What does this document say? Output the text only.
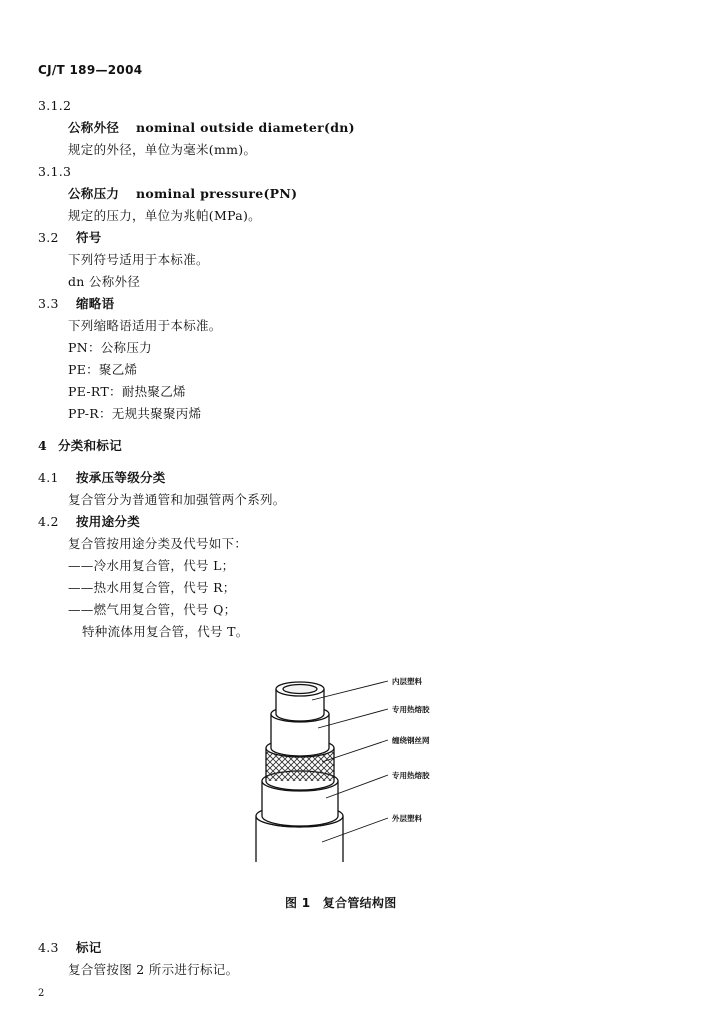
CJ/T 189—2004
3.1.2
公称外径 nominal outside diameter(dn)
规定的外径，单位为毫米(mm)。
3.1.3
公称压力 nominal pressure(PN)
规定的压力，单位为兆帕(MPa)。
3.2 符号
下列符号适用于本标准。
dn 公称外径
3.3 缩略语
下列缩略语适用于本标准。
PN：公称压力
PE：聚乙烯
PE-RT：耐热聚乙烯
PP-R：无规共聚聚丙烯
4 分类和标记
4.1 按承压等级分类
复合管分为普通管和加强管两个系列。
4.2 按用途分类
复合管按用途分类及代号如下：
——冷水用复合管，代号 L；
——热水用复合管，代号 R；
——燃气用复合管，代号 Q；
特种流体用复合管，代号 T。
内层塑料
专用热熔胶
缠绕钢丝网
专用热熔胶
外层塑料
图 1　复合管结构图
4.3 标记
复合管按图 2 所示进行标记。
2
